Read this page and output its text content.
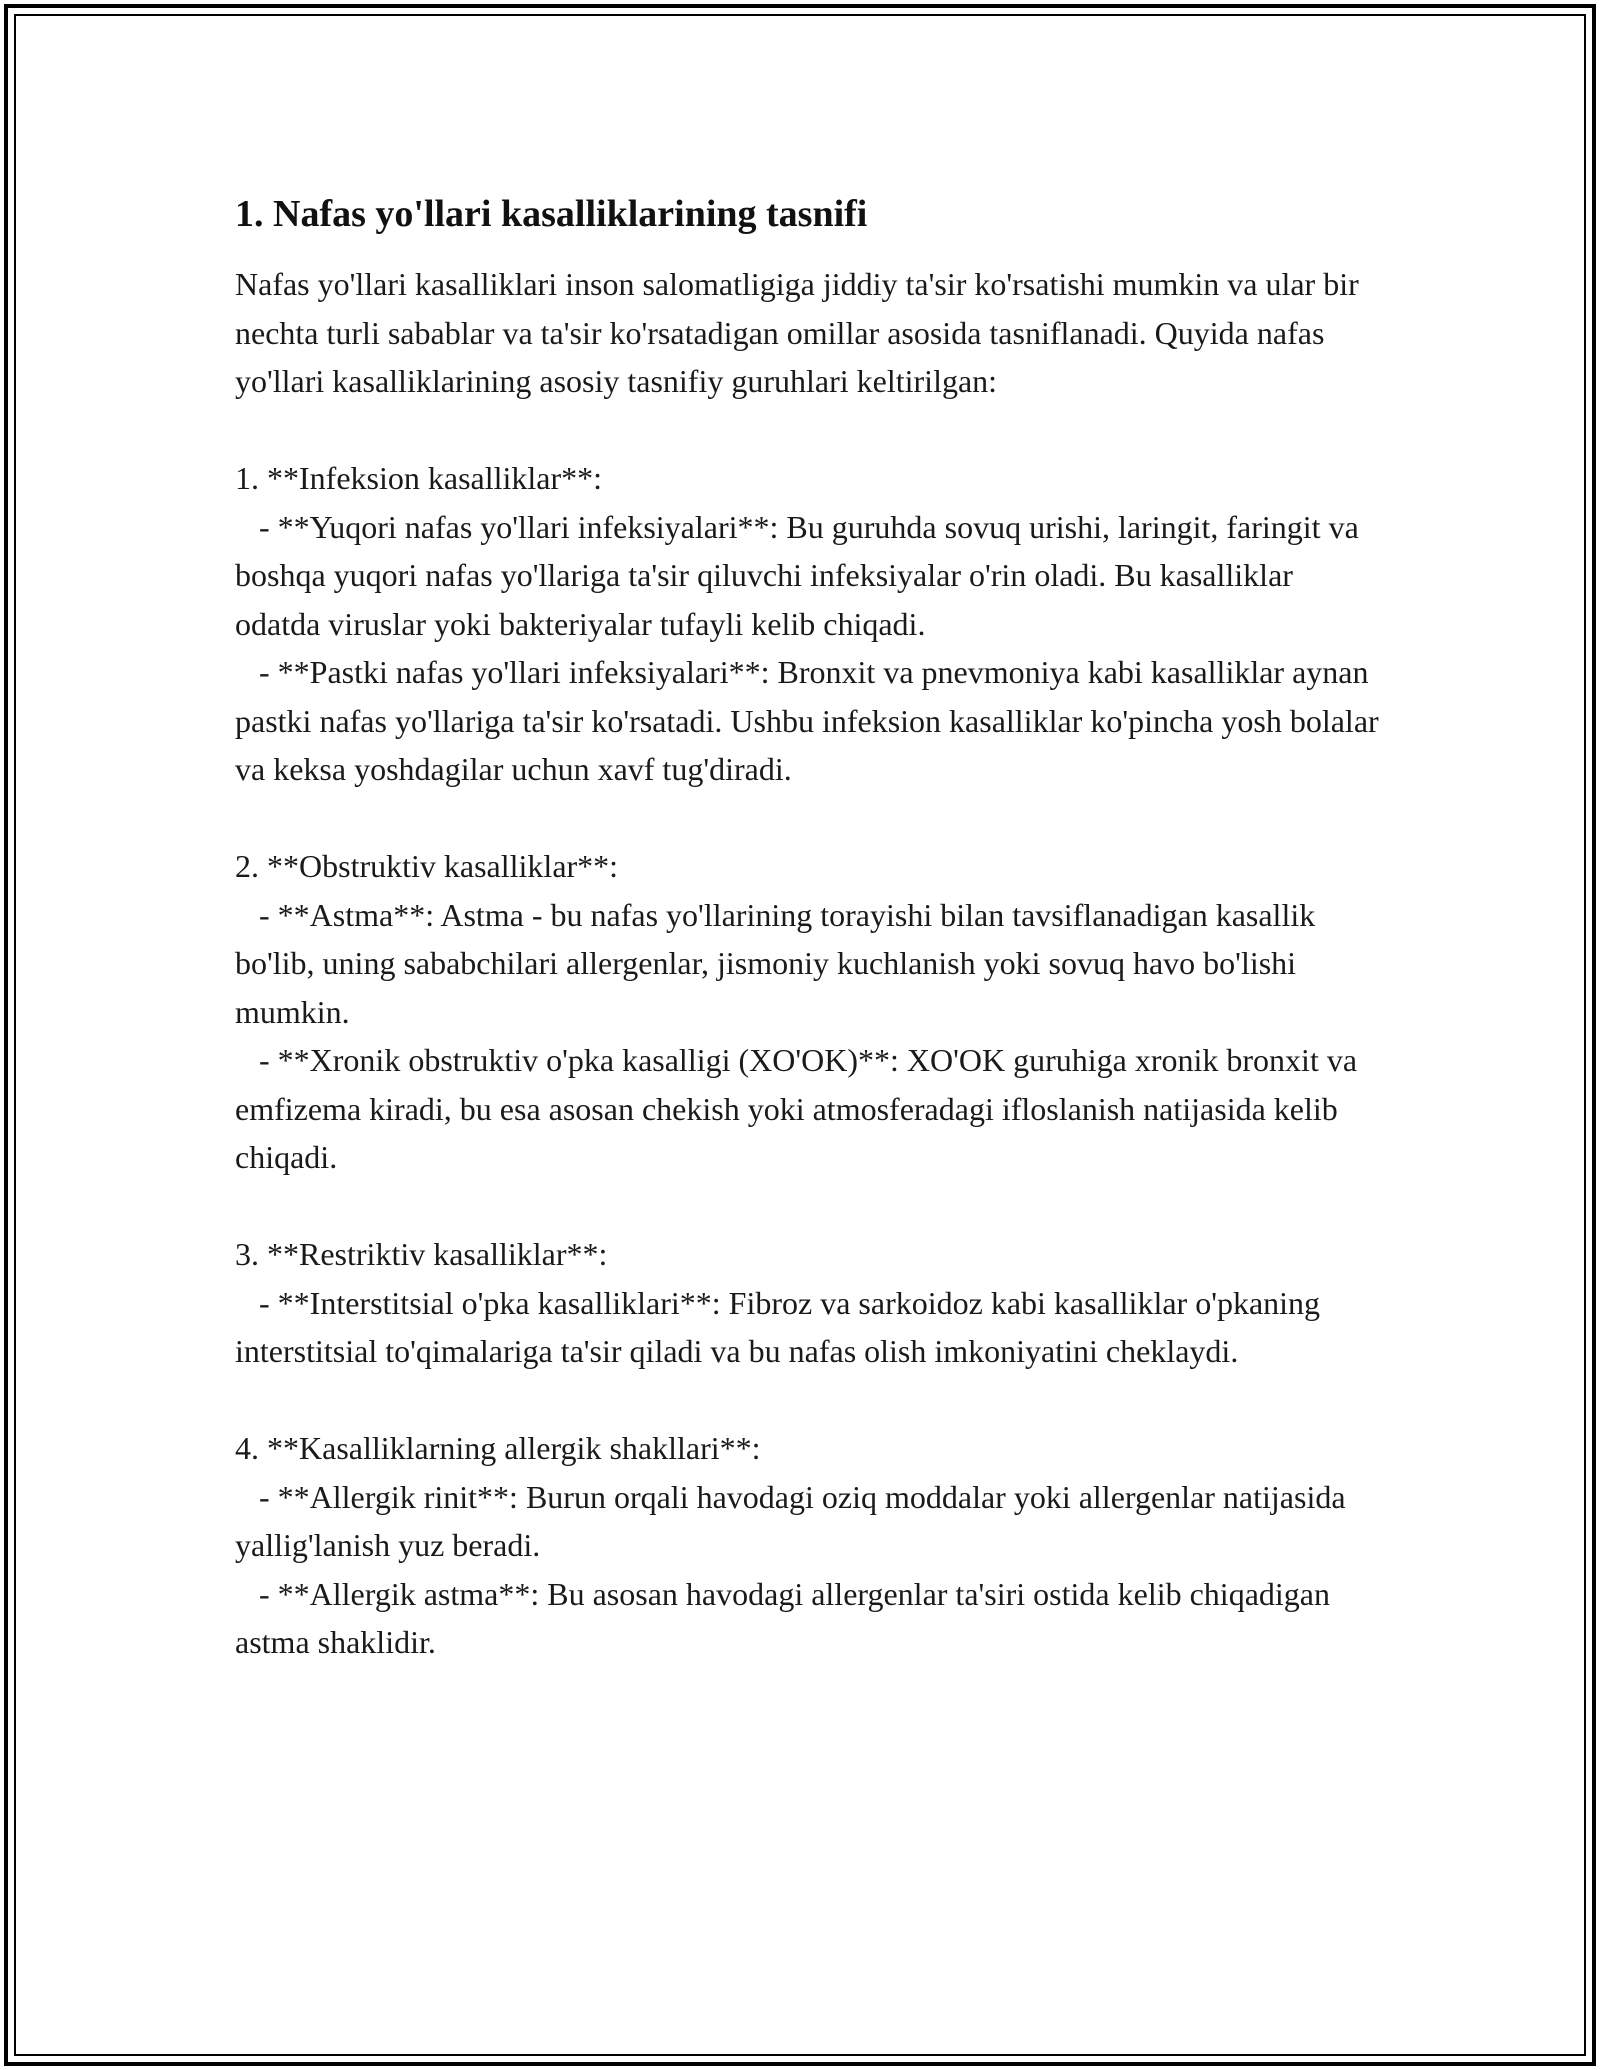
1. Nafas yo'llari kasalliklarining tasnifi

Nafas yo'llari kasalliklari inson salomatligiga jiddiy ta'sir ko'rsatishi mumkin va ular bir nechta turli sabablar va ta'sir ko'rsatadigan omillar asosida tasniflanadi. Quyida nafas yo'llari kasalliklarining asosiy tasnifiy guruhlari keltirilgan:

1. **Infeksion kasalliklar**:
- **Yuqori nafas yo'llari infeksiyalari**: Bu guruhda sovuq urishi, laringit, faringit va boshqa yuqori nafas yo'llariga ta'sir qiluvchi infeksiyalar o'rin oladi. Bu kasalliklar odatda viruslar yoki bakteriyalar tufayli kelib chiqadi.
- **Pastki nafas yo'llari infeksiyalari**: Bronxit va pnevmoniya kabi kasalliklar aynan pastki nafas yo'llariga ta'sir ko'rsatadi. Ushbu infeksion kasalliklar ko'pincha yosh bolalar va keksa yoshdagilar uchun xavf tug'diradi.

2. **Obstruktiv kasalliklar**:
- **Astma**: Astma - bu nafas yo'llarining torayishi bilan tavsiflanadigan kasallik bo'lib, uning sababchilari allergenlar, jismoniy kuchlanish yoki sovuq havo bo'lishi mumkin.
- **Xronik obstruktiv o'pka kasalligi (XO'OK)**: XO'OK guruhiga xronik bronxit va emfizema kiradi, bu esa asosan chekish yoki atmosferadagi ifloslanish natijasida kelib chiqadi.

3. **Restriktiv kasalliklar**:
- **Interstitsial o'pka kasalliklari**: Fibroz va sarkoidoz kabi kasalliklar o'pkaning interstitsial to'qimalariga ta'sir qiladi va bu nafas olish imkoniyatini cheklaydi.

4. **Kasalliklarning allergik shakllari**:
- **Allergik rinit**: Burun orqali havodagi oziq moddalar yoki allergenlar natijasida yallig'lanish yuz beradi.
- **Allergik astma**: Bu asosan havodagi allergenlar ta'siri ostida kelib chiqadigan astma shaklidir.
